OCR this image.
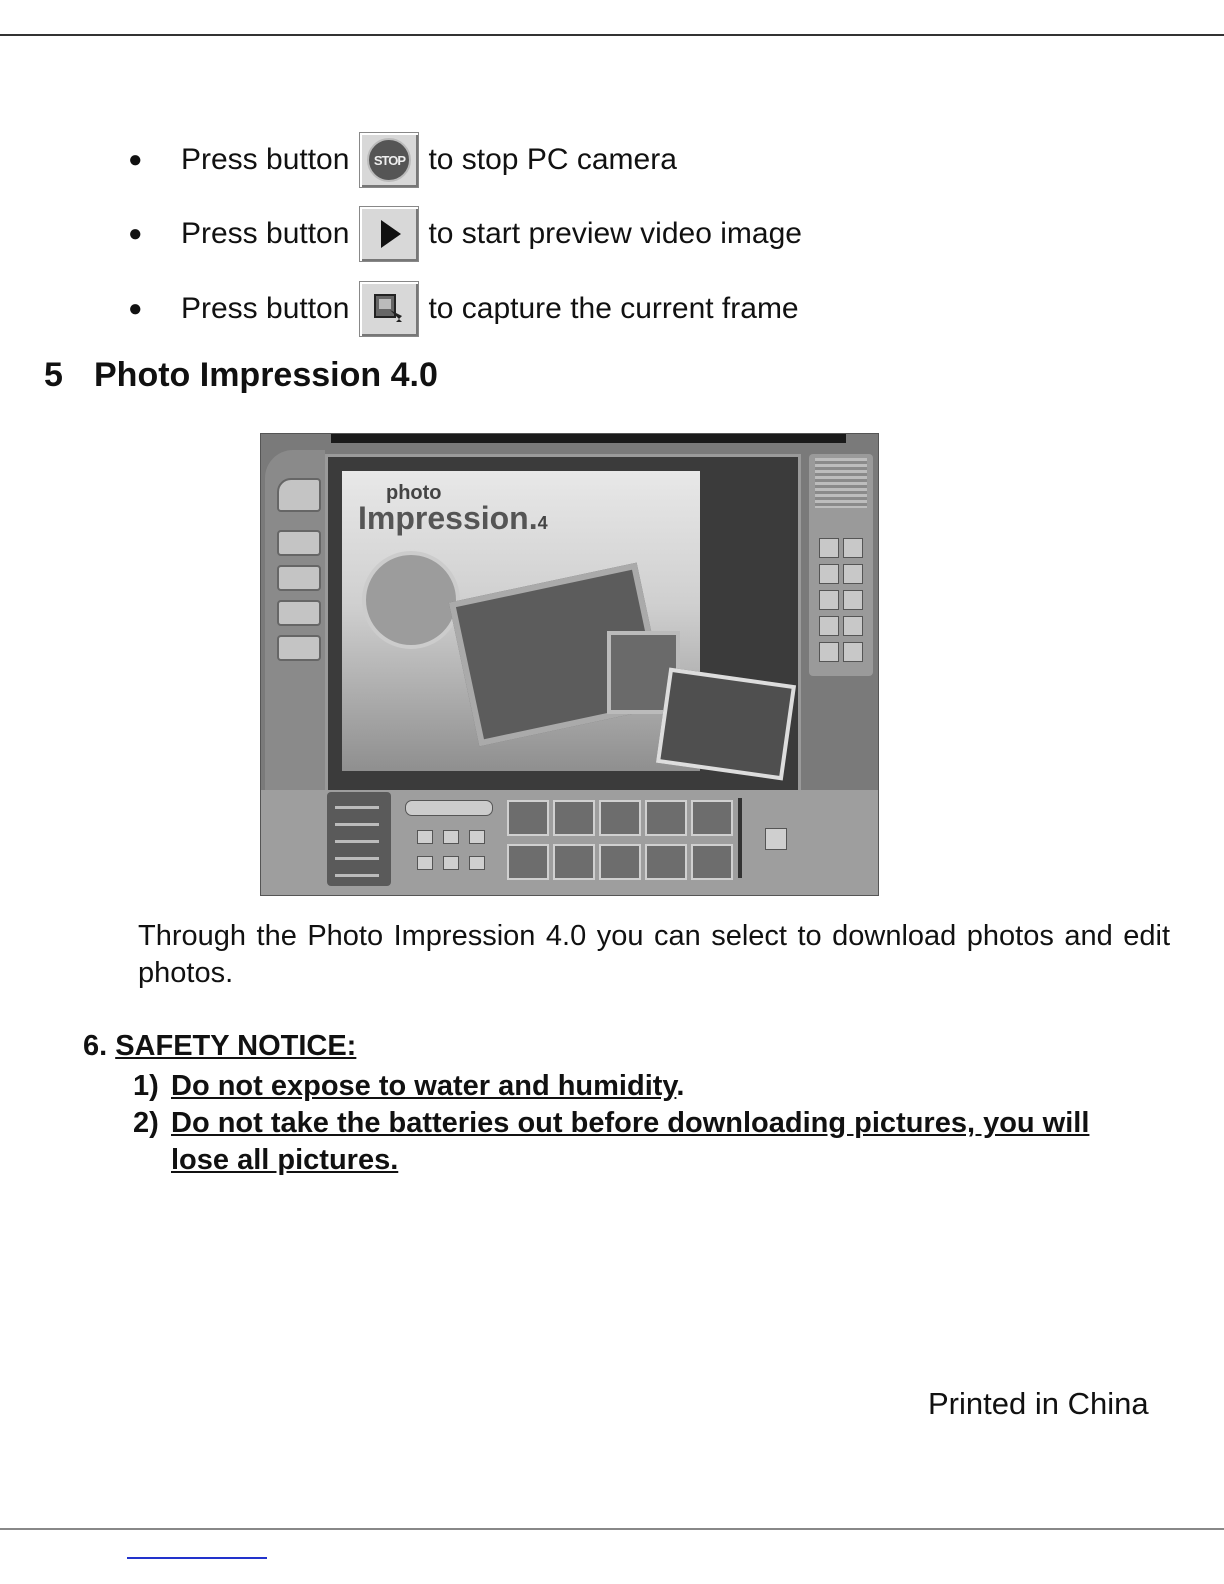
●	Press button	STOP to stop PC camera
●	Press button	to start preview video image
●	Press button	to capture the current frame
5 Photo Impression 4.0
photo
Impression.4
Through the Photo Impression 4.0 you can select to download photos and edit photos.
6. SAFETY NOTICE:
1) Do not expose to water and humidity.
2) Do not take the batteries out before downloading pictures, you will
lose all pictures.
Printed in China
